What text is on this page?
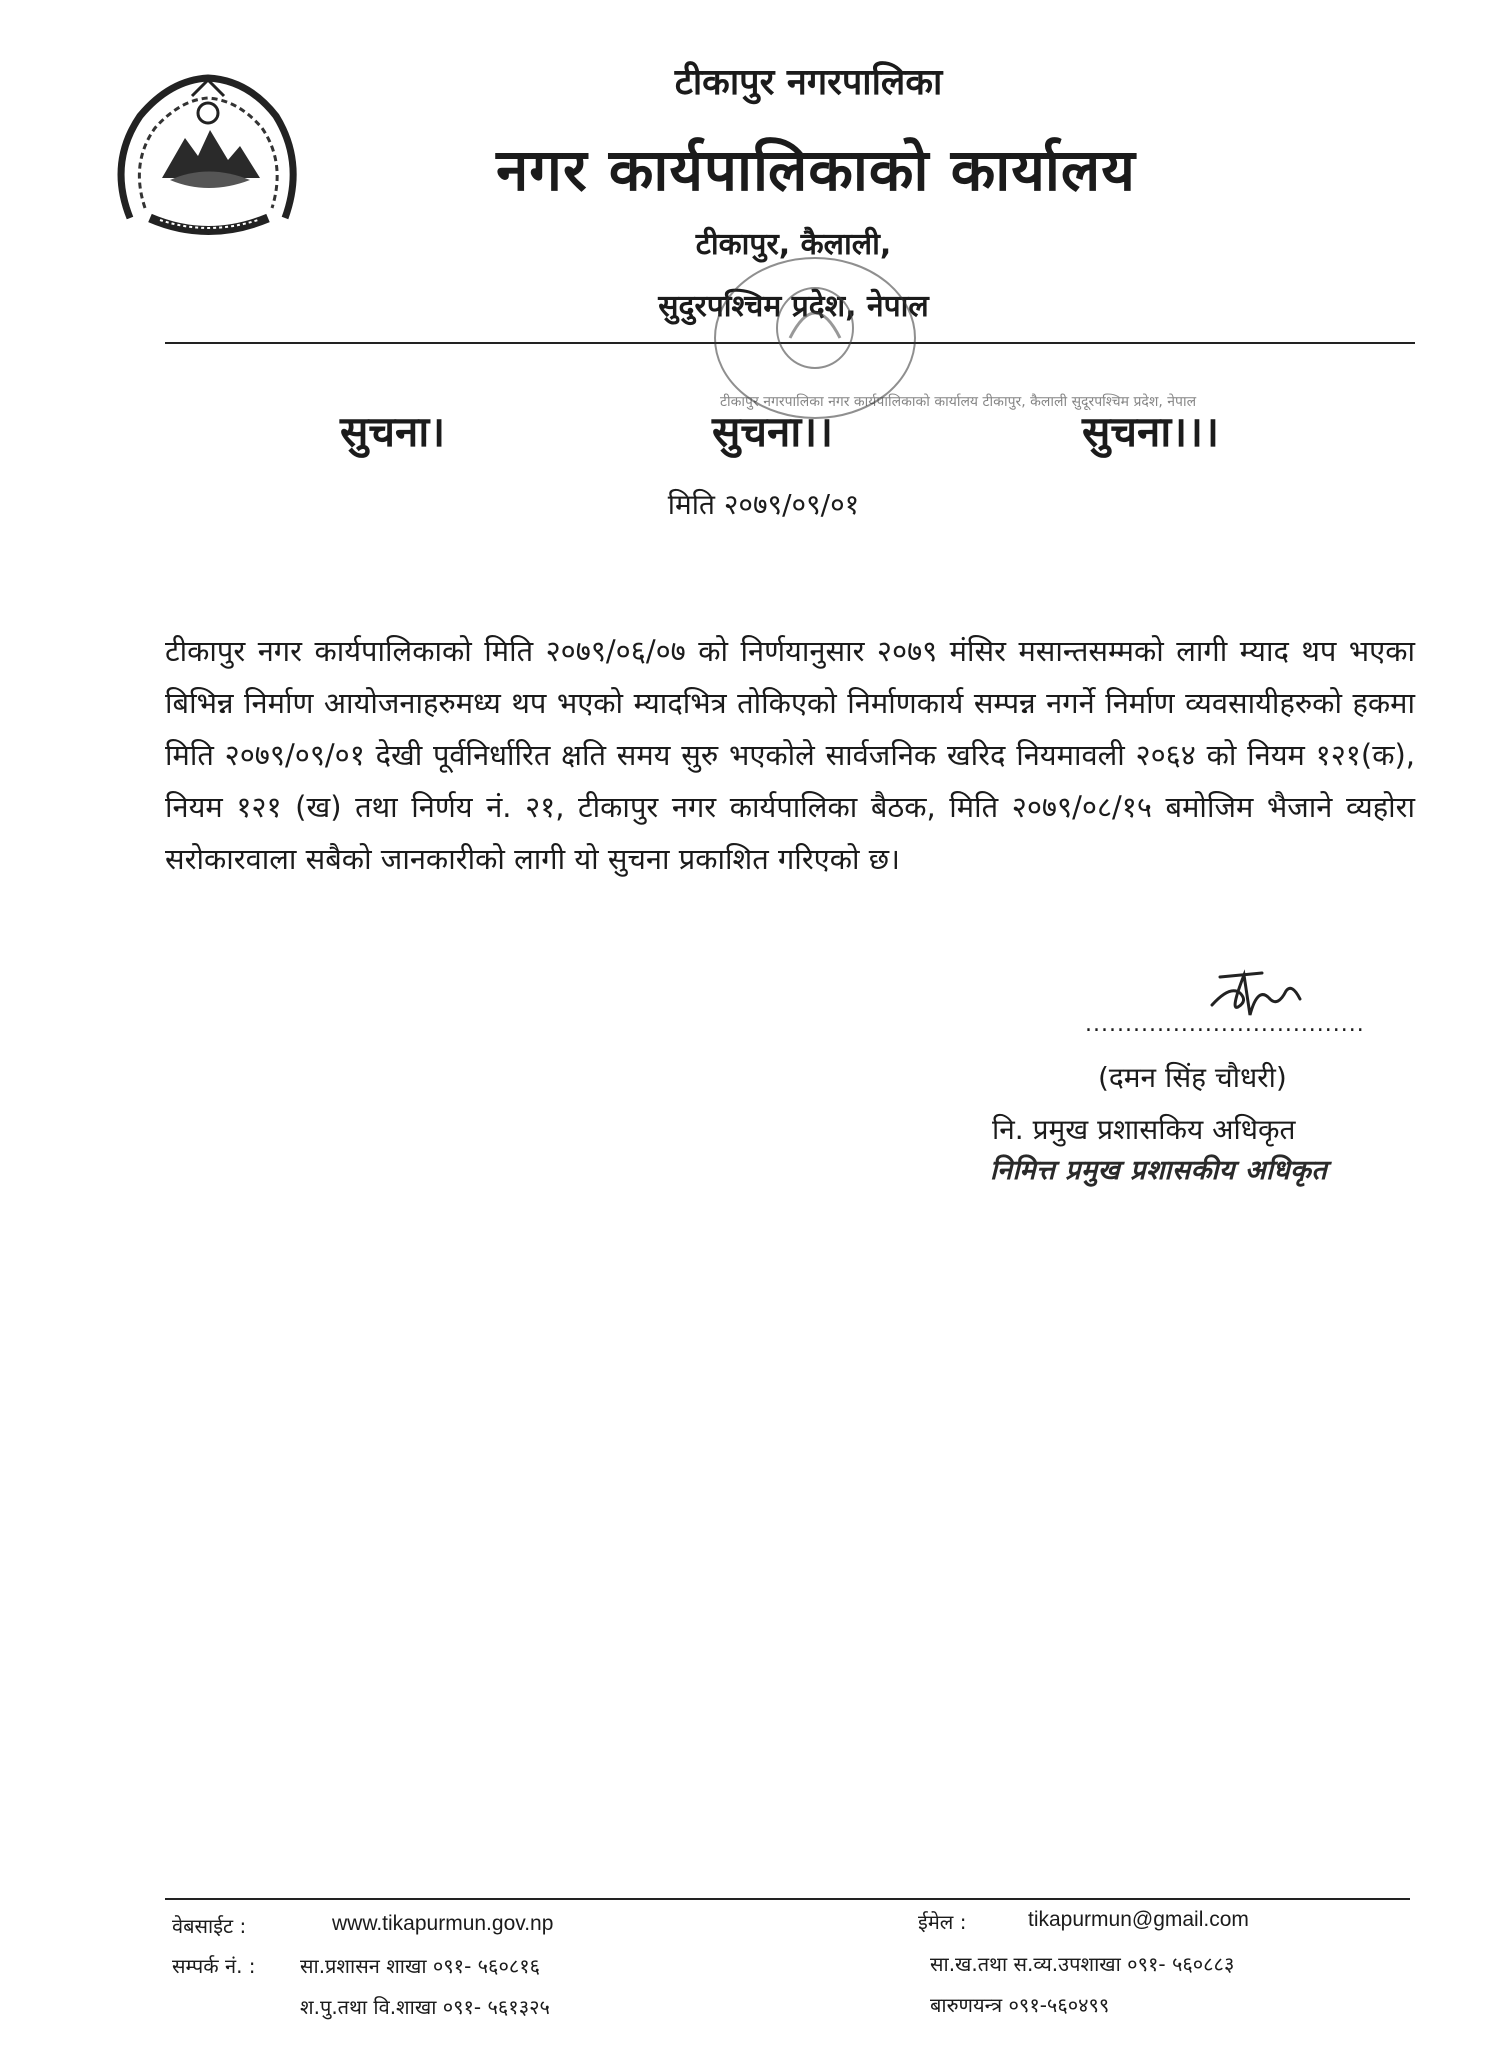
टीकापुर नगरपालिका
नगर कार्यपालिकाको कार्यालय
टीकापुर, कैलाली,
सुदुरपश्चिम प्रदेश, नेपाल
टीकापुर नगरपालिका नगर कार्यपालिकाको कार्यालय टीकापुर, कैलाली सुदूरपश्चिम प्रदेश, नेपाल
सुचना।	सुचना।।	सुचना।।।
मिति २०७९/०९/०१
टीकापुर नगर कार्यपालिकाको मिति २०७९/०६/०७ को निर्णयानुसार २०७९ मंसिर मसान्तसम्मको लागी म्याद थप भएका बिभिन्न निर्माण आयोजनाहरुमध्य थप भएको म्यादभित्र तोकिएको निर्माणकार्य सम्पन्न नगर्ने निर्माण व्यवसायीहरुको हकमा मिति २०७९/०९/०१ देखी पूर्वनिर्धारित क्षति समय सुरु भएकोले सार्वजनिक खरिद नियमावली २०६४ को नियम १२१(क), नियम १२१ (ख) तथा निर्णय नं. २१, टीकापुर नगर कार्यपालिका बैठक, मिति २०७९/०८/१५ बमोजिम भैजाने व्यहोरा सरोकारवाला सबैको जानकारीको लागी यो सुचना प्रकाशित गरिएको छ।
...................................
(दमन सिंह चौधरी)
नि. प्रमुख प्रशासकिय अधिकृत
निमित्त प्रमुख प्रशासकीय अधिकृत
वेबसाईट :	www.tikapurmun.gov.np	ईमेल :	tikapurmun@gmail.com
सम्पर्क नं. : सा.प्रशासन शाखा ०९१- ५६०८१६
श.पु.तथा वि.शाखा ०९१- ५६१३२५
सा.ख.तथा स.व्य.उपशाखा ०९१- ५६०८८३
बारुणयन्त्र ०९१-५६०४९९
